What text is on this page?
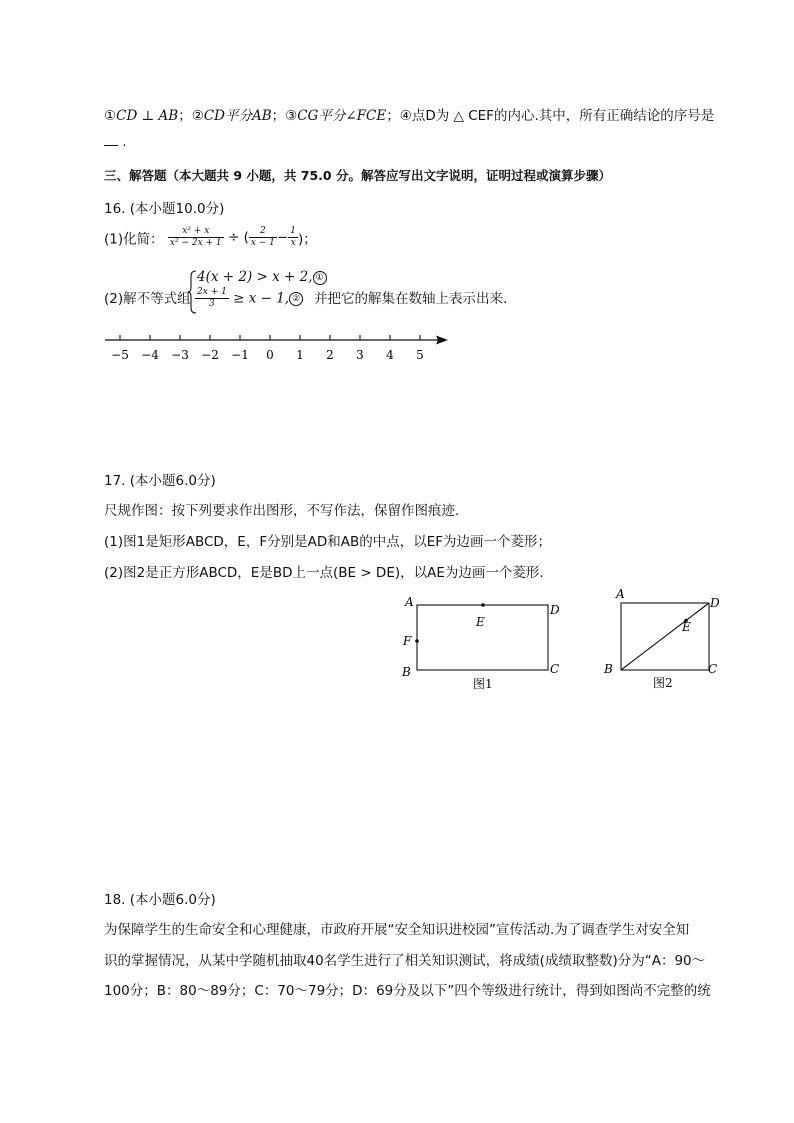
①CD ⊥ AB；②CD平分AB；③CG平分∠FCE；④点D为 △ CEF的内心.其中，所有正确结论的序号是
.
三、解答题（本大题共 9 小题，共 75.0 分。解答应写出文字说明，证明过程或演算步骤）
16. (本小题10.0分)
(1)化简： $\frac{\text{x² + x}}{\text{x² − 2x + 1}}$ ÷ ( $\frac{2}{x - 1} - \frac{1}{x}$ )；
(2)解不等式组
4(x + 2) > x + 2, ①
$\frac{2x + 1}{3} \ge x - 1$, ② 并把它的解集在数轴上表示出来.
−5 −4 −3 −2 −1 0 1 2 3 4 5
17. (本小题6.0分)
尺规作图：按下列要求作出图形，不写作法，保留作图痕迹.
(1)图1是矩形ABCD，E，F分别是AD和AB的中点，以EF为边画一个菱形；
(2)图2是正方形ABCD，E是BD上一点(BE > DE)，以AE为边画一个菱形.
A
D
E
F
B	C
图1
A
D
E
B	C
图2
18. (本小题6.0分)
为保障学生的生命安全和心理健康，市政府开展“安全知识进校园”宣传活动.为了调查学生对安全知
识的掌握情况，从某中学随机抽取40名学生进行了相关知识测试，将成绩(成绩取整数)分为“A：90～
100分；B：80～89分；C：70～79分；D：69分及以下”四个等级进行统计，得到如图尚不完整的统
